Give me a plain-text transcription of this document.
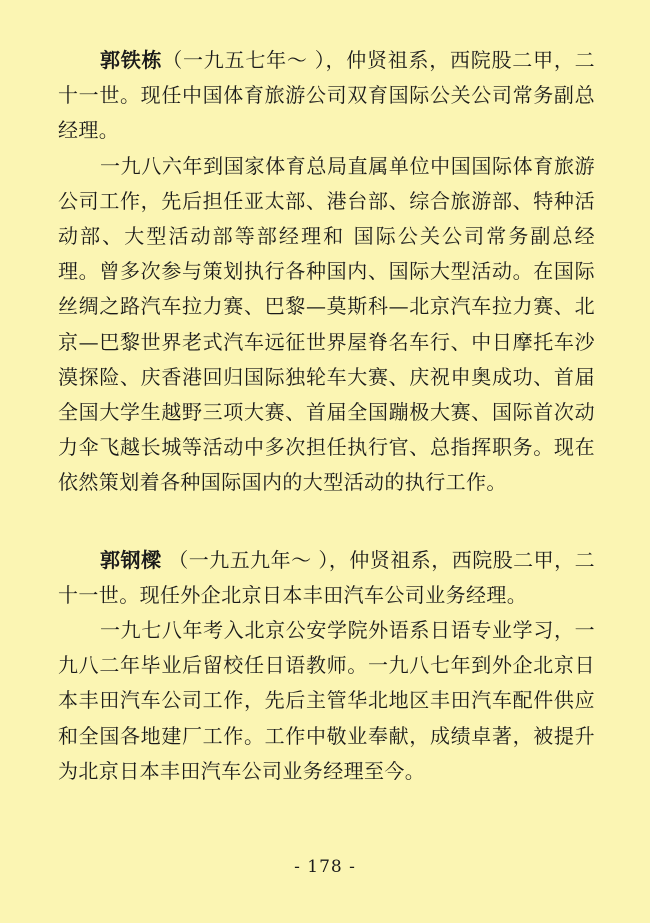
郭铁栋（一九五七年～ ），仲贤祖系，西院股二甲，二十一世。现任中国体育旅游公司双育国际公关公司常务副总经理。

一九八六年到国家体育总局直属单位中国国际体育旅游公司工作，先后担任亚太部、港台部、综合旅游部、特种活动部、大型活动部等部经理和 国际公关公司常务副总经理。曾多次参与策划执行各种国内、国际大型活动。在国际丝绸之路汽车拉力赛、巴黎—莫斯科—北京汽车拉力赛、北京—巴黎世界老式汽车远征世界屋脊名车行、中日摩托车沙漠探险、庆香港回归国际独轮车大赛、庆祝申奥成功、首届全国大学生越野三项大赛、首届全国蹦极大赛、国际首次动力伞飞越长城等活动中多次担任执行官、总指挥职务。现在依然策划着各种国际国内的大型活动的执行工作。

郭钢樑 （一九五九年～ ），仲贤祖系，西院股二甲，二十一世。现任外企北京日本丰田汽车公司业务经理。

一九七八年考入北京公安学院外语系日语专业学习，一九八二年毕业后留校任日语教师。一九八七年到外企北京日本丰田汽车公司工作，先后主管华北地区丰田汽车配件供应和全国各地建厂工作。工作中敬业奉献，成绩卓著，被提升为北京日本丰田汽车公司业务经理至今。

- 178 -
